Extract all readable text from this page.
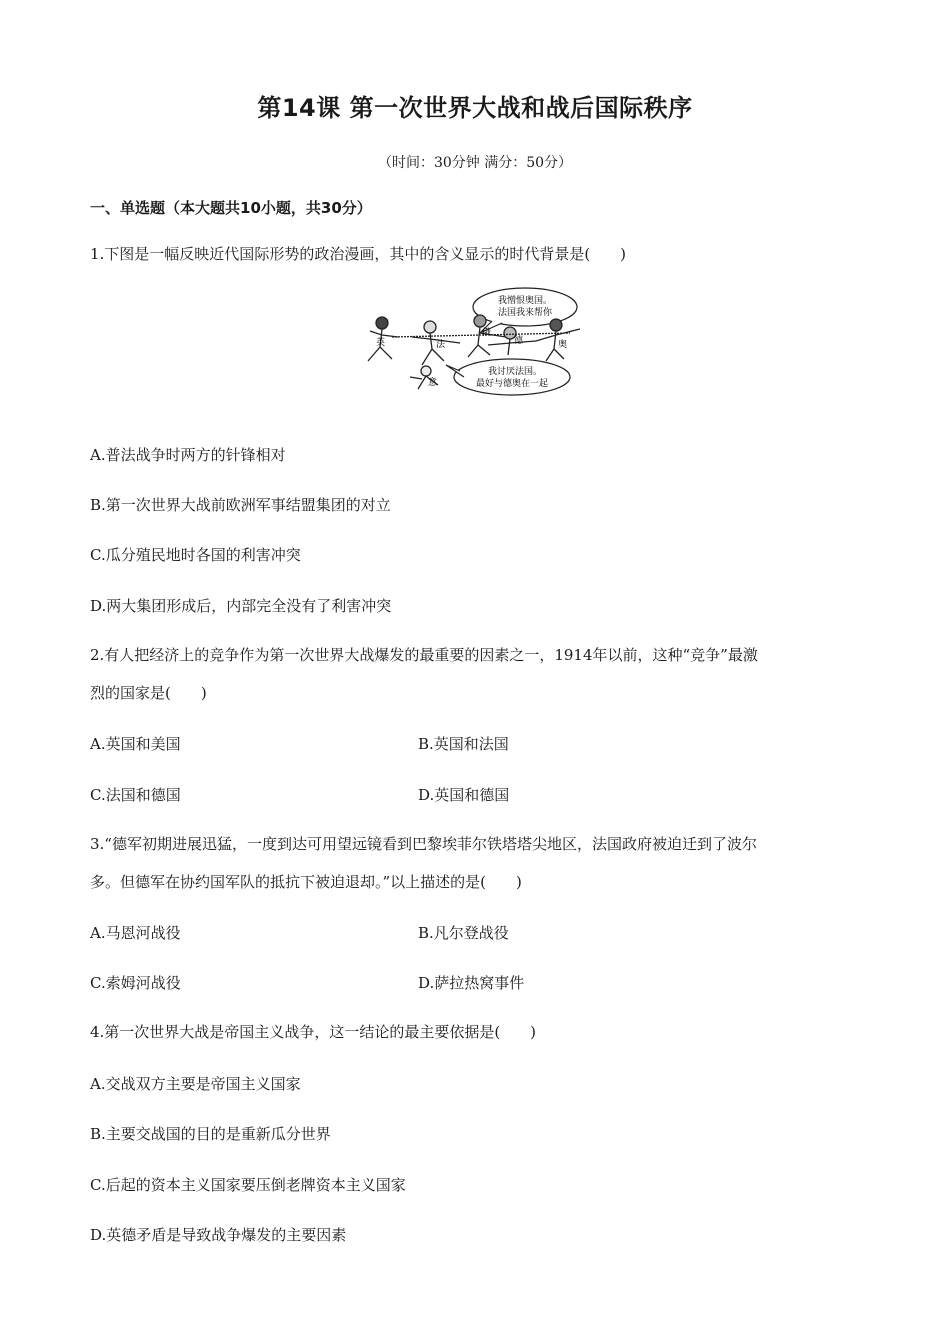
第14课 第一次世界大战和战后国际秩序
（时间：30分钟 满分：50分）
一、单选题（本大题共10小题，共30分）
1.下图是一幅反映近代国际形势的政治漫画，其中的含义显示的时代背景是(　　)
我憎恨奥国。
法国我来帮你
我讨厌法国。
最好与德奥在一起
英	法
俄
德	奥
意
A.普法战争时两方的针锋相对
B.第一次世界大战前欧洲军事结盟集团的对立
C.瓜分殖民地时各国的利害冲突
D.两大集团形成后，内部完全没有了利害冲突
2.有人把经济上的竞争作为第一次世界大战爆发的最重要的因素之一，1914年以前，这种“竞争”最激
烈的国家是(　　)
A.英国和美国	B.英国和法国
C.法国和德国	D.英国和德国
3.“德军初期进展迅猛，一度到达可用望远镜看到巴黎埃菲尔铁塔塔尖地区，法国政府被迫迁到了波尔
多。但德军在协约国军队的抵抗下被迫退却。”以上描述的是(　　)
A.马恩河战役	B.凡尔登战役
C.索姆河战役	D.萨拉热窝事件
4.第一次世界大战是帝国主义战争，这一结论的最主要依据是(　　)
A.交战双方主要是帝国主义国家
B.主要交战国的目的是重新瓜分世界
C.后起的资本主义国家要压倒老牌资本主义国家
D.英德矛盾是导致战争爆发的主要因素
